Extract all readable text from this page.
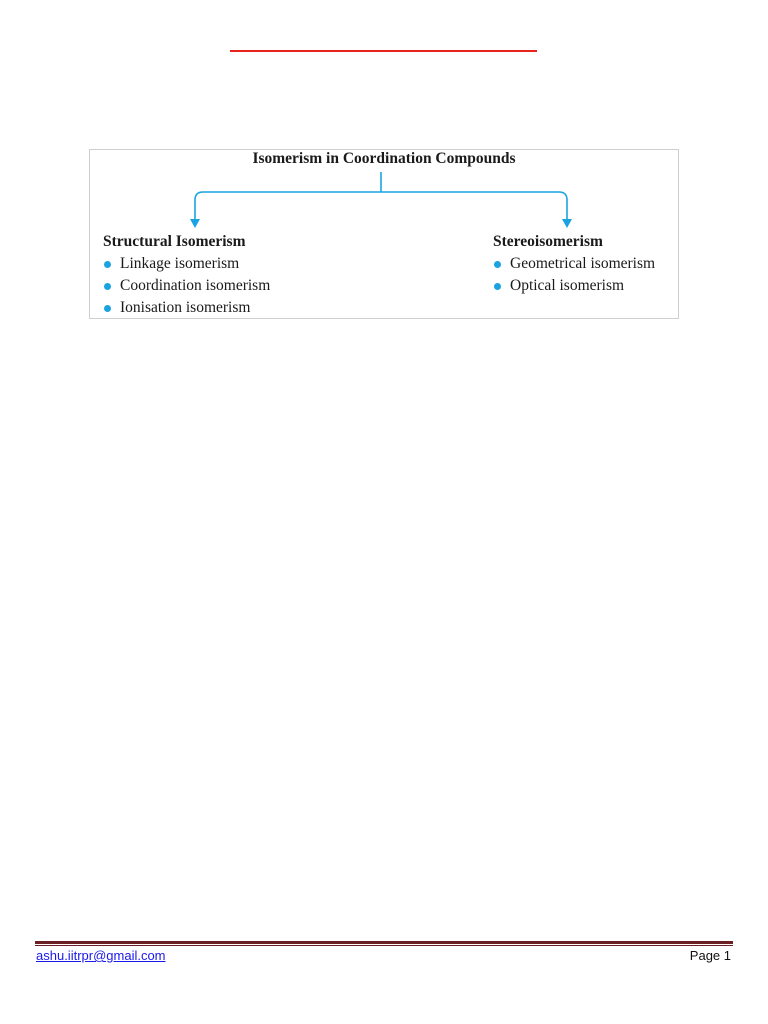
Isomerism in Coordination Compounds
Structural Isomerism
Linkage isomerism
Coordination isomerism
Ionisation isomerism
Stereoisomerism
Geometrical isomerism
Optical isomerism
ashu.iitrpr@gmail.com	Page 1
